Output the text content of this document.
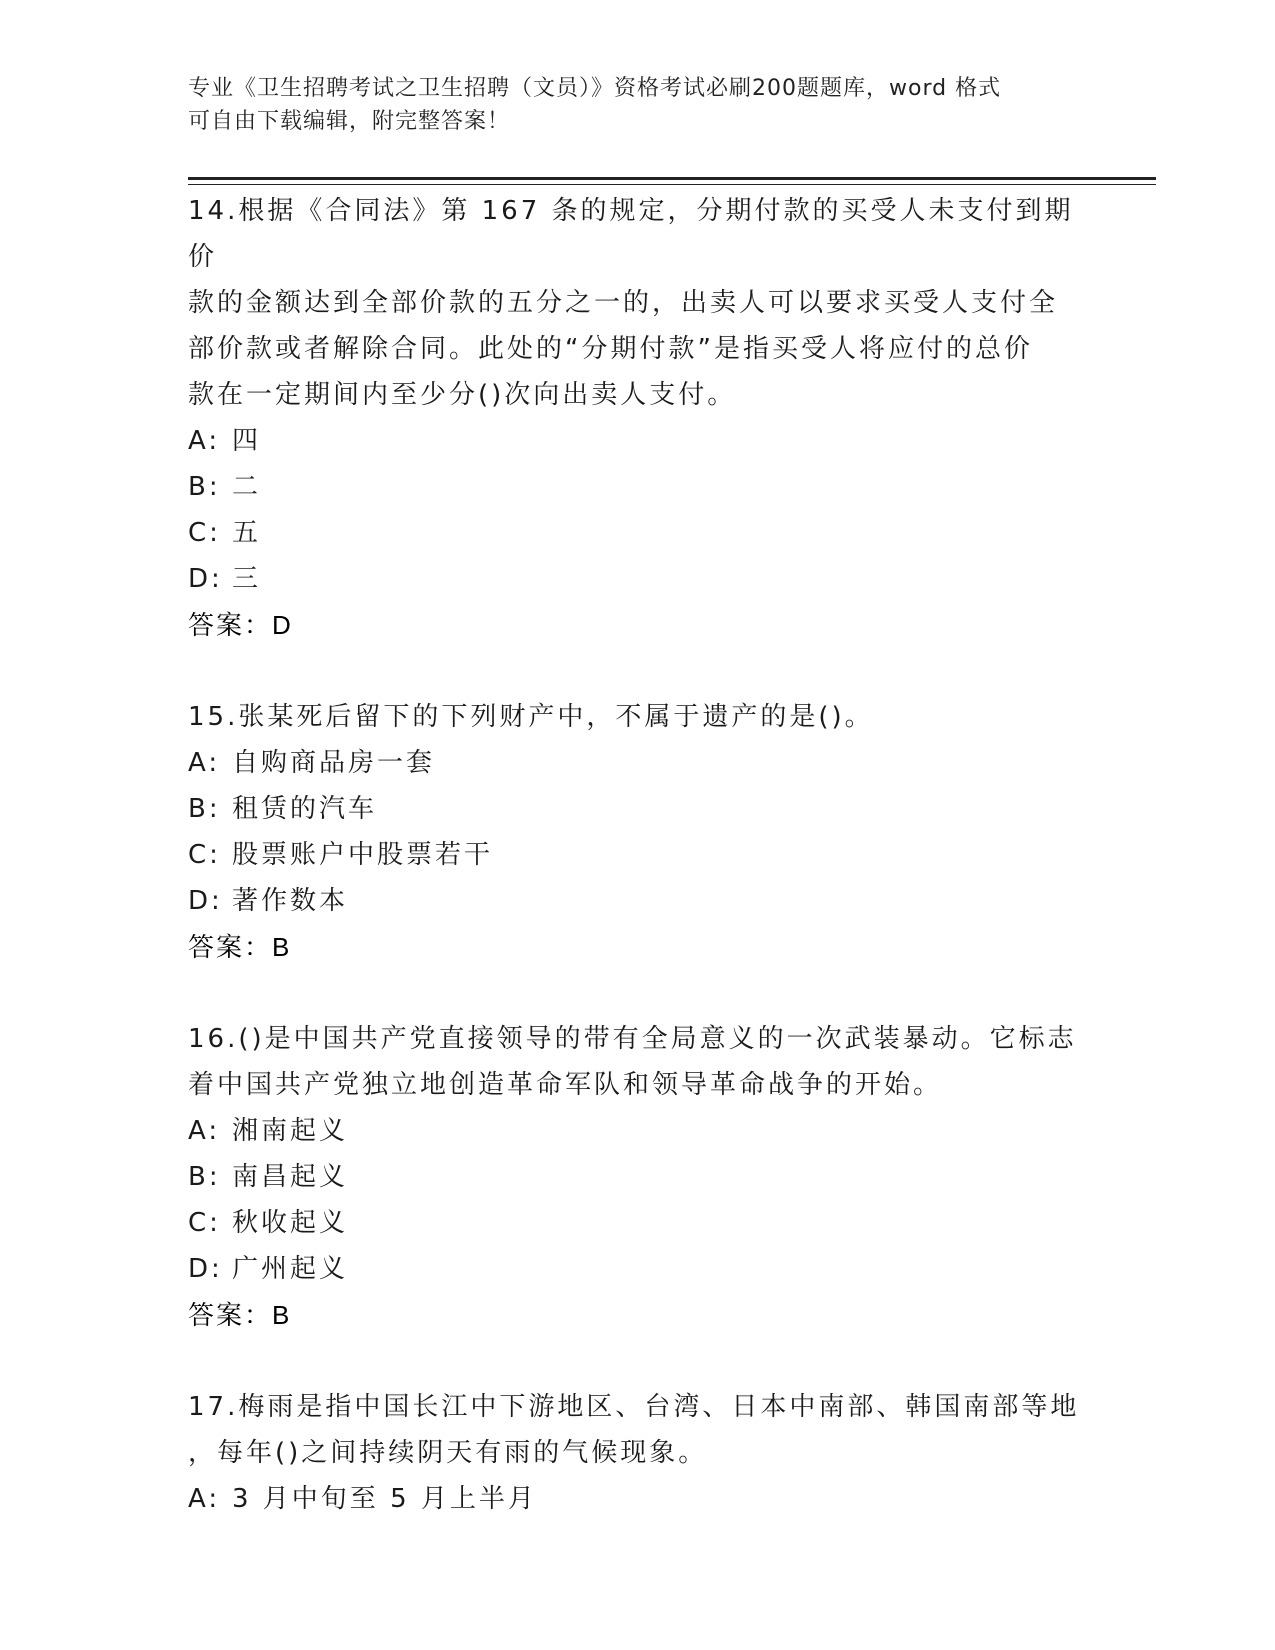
专业《卫生招聘考试之卫生招聘（文员）》资格考试必刷200题题库，word 格式
可自由下载编辑，附完整答案！
14.根据《合同法》第 167 条的规定，分期付款的买受人未支付到期价
款的金额达到全部价款的五分之一的，出卖人可以要求买受人支付全
部价款或者解除合同。此处的“分期付款”是指买受人将应付的总价
款在一定期间内至少分()次向出卖人支付。
A: 四
B: 二
C: 五
D: 三
答案：D
15.张某死后留下的下列财产中，不属于遗产的是()。
A: 自购商品房一套
B: 租赁的汽车
C: 股票账户中股票若干
D: 著作数本
答案：B
16.()是中国共产党直接领导的带有全局意义的一次武装暴动。它标志
着中国共产党独立地创造革命军队和领导革命战争的开始。
A: 湘南起义
B: 南昌起义
C: 秋收起义
D: 广州起义
答案：B
17.梅雨是指中国长江中下游地区、台湾、日本中南部、韩国南部等地
，每年()之间持续阴天有雨的气候现象。
A: 3 月中旬至 5 月上半月
